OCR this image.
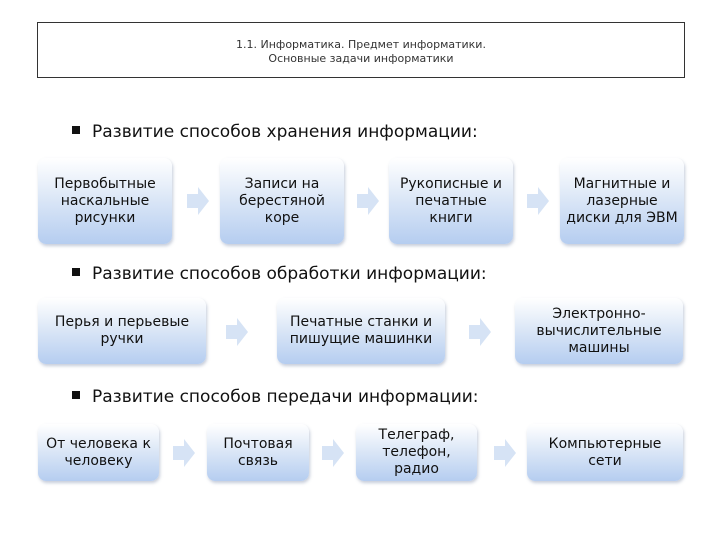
1.1. Информатика. Предмет информатики.
Основные задачи информатики
Развитие способов хранения информации:
Первобытные наскальные рисунки
Записи на берестяной коре
Рукописные и печатные книги
Магнитные и лазерные диски для ЭВМ
Развитие способов обработки информации:
Перья и перьевые ручки
Печатные станки и пишущие машинки
Электронно-вычислительные машины
Развитие способов передачи информации:
От человека к человеку
Почтовая связь
Телеграф, телефон, радио
Компьютерные сети
